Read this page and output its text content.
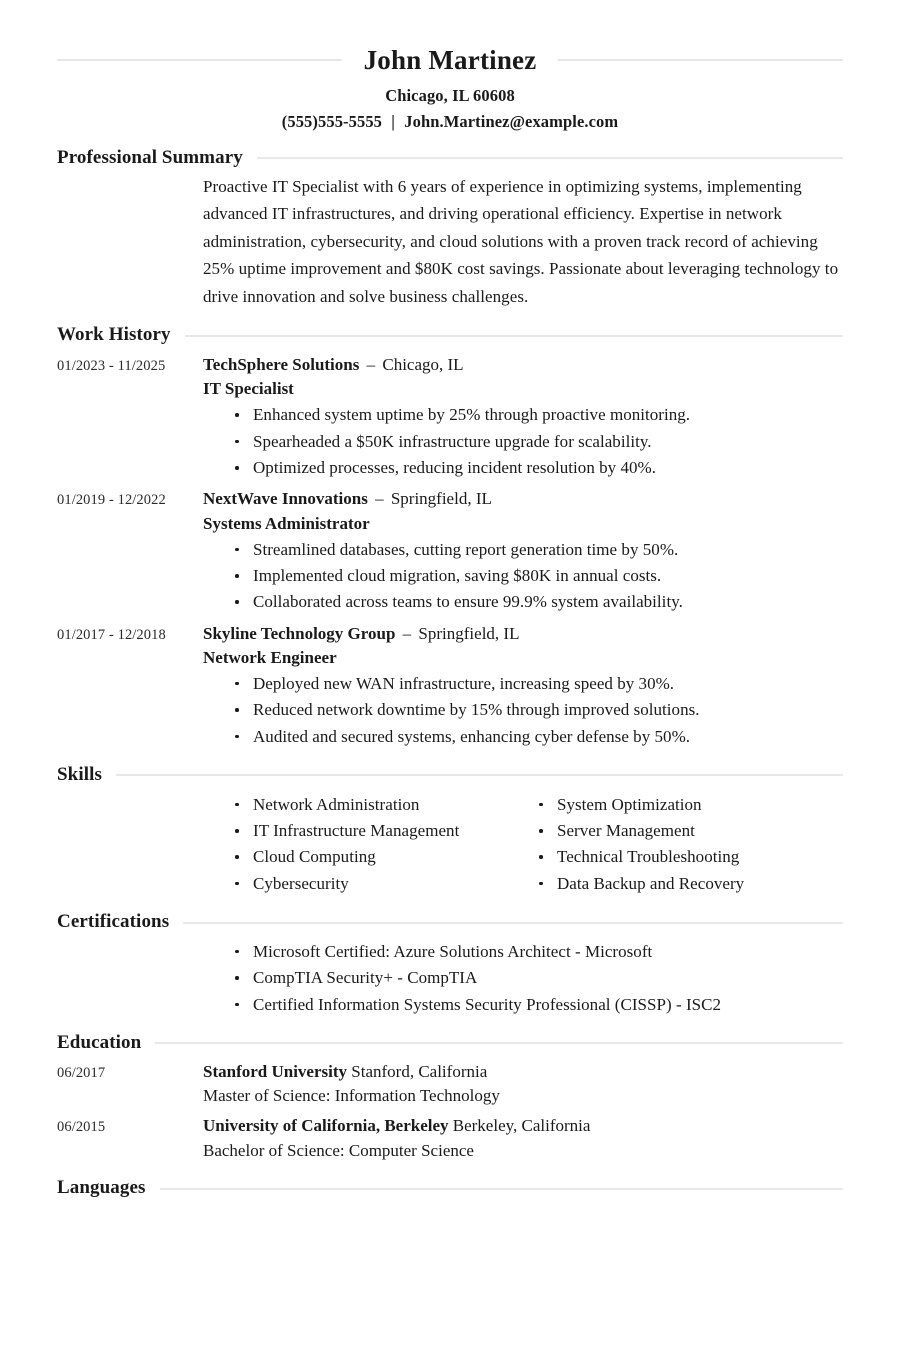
John Martinez
Chicago, IL 60608
(555)555-5555 | John.Martinez@example.com
Professional Summary
Proactive IT Specialist with 6 years of experience in optimizing systems, implementing advanced IT infrastructures, and driving operational efficiency. Expertise in network administration, cybersecurity, and cloud solutions with a proven track record of achieving 25% uptime improvement and $80K cost savings. Passionate about leveraging technology to drive innovation and solve business challenges.
Work History
01/2023 - 11/2025	TechSphere Solutions – Chicago, IL
IT Specialist
Enhanced system uptime by 25% through proactive monitoring.
Spearheaded a $50K infrastructure upgrade for scalability.
Optimized processes, reducing incident resolution by 40%.
01/2019 - 12/2022	NextWave Innovations – Springfield, IL
Systems Administrator
Streamlined databases, cutting report generation time by 50%.
Implemented cloud migration, saving $80K in annual costs.
Collaborated across teams to ensure 99.9% system availability.
01/2017 - 12/2018	Skyline Technology Group – Springfield, IL
Network Engineer
Deployed new WAN infrastructure, increasing speed by 30%.
Reduced network downtime by 15% through improved solutions.
Audited and secured systems, enhancing cyber defense by 50%.
Skills
Network Administration
IT Infrastructure Management
Cloud Computing
Cybersecurity
System Optimization
Server Management
Technical Troubleshooting
Data Backup and Recovery
Certifications
Microsoft Certified: Azure Solutions Architect - Microsoft
CompTIA Security+ - CompTIA
Certified Information Systems Security Professional (CISSP) - ISC2
Education
06/2017	Stanford University Stanford, California
Master of Science: Information Technology
06/2015	University of California, Berkeley Berkeley, California
Bachelor of Science: Computer Science
Languages
